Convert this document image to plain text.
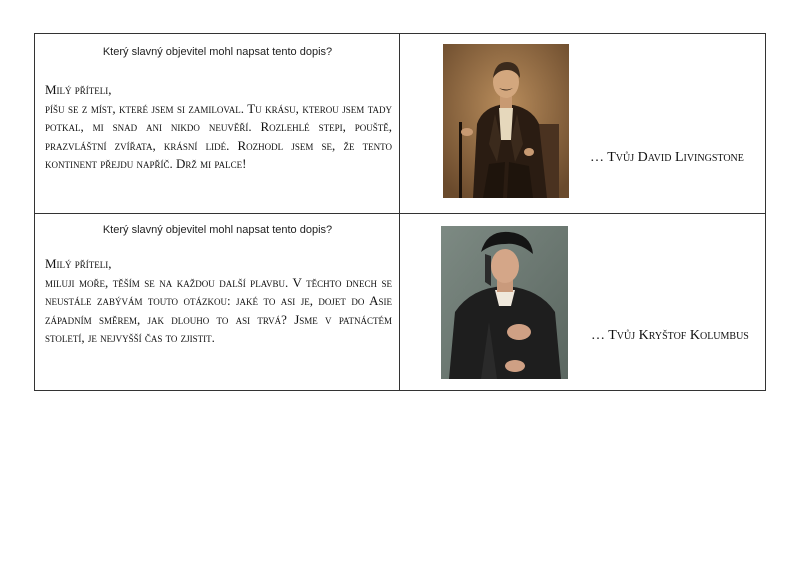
Který slavný objevitel mohl napsat tento dopis?
Milý příteli,
píšu se z míst, které jsem si zamiloval. Tu krásu, kterou jsem tady potkal, mi snad ani nikdo neuvěří. Rozlehlé stepi, pouště, prazvláštní zvířata, krásní lidé. Rozhodl jsem se, že tento kontinent přejdu napříč. Drž mi palce!	… Tvůj David Livingstone
Který slavný objevitel mohl napsat tento dopis?
Milý příteli,
miluji moře, těším se na každou další plavbu. V těchto dnech se neustále zabývám touto otázkou: jaké to asi je, dojet do Asie západním směrem, jak dlouho to asi trvá? Jsme v patnáctém století, je nejvyšší čas to zjistit.	… Tvůj Kryštof Kolumbus
